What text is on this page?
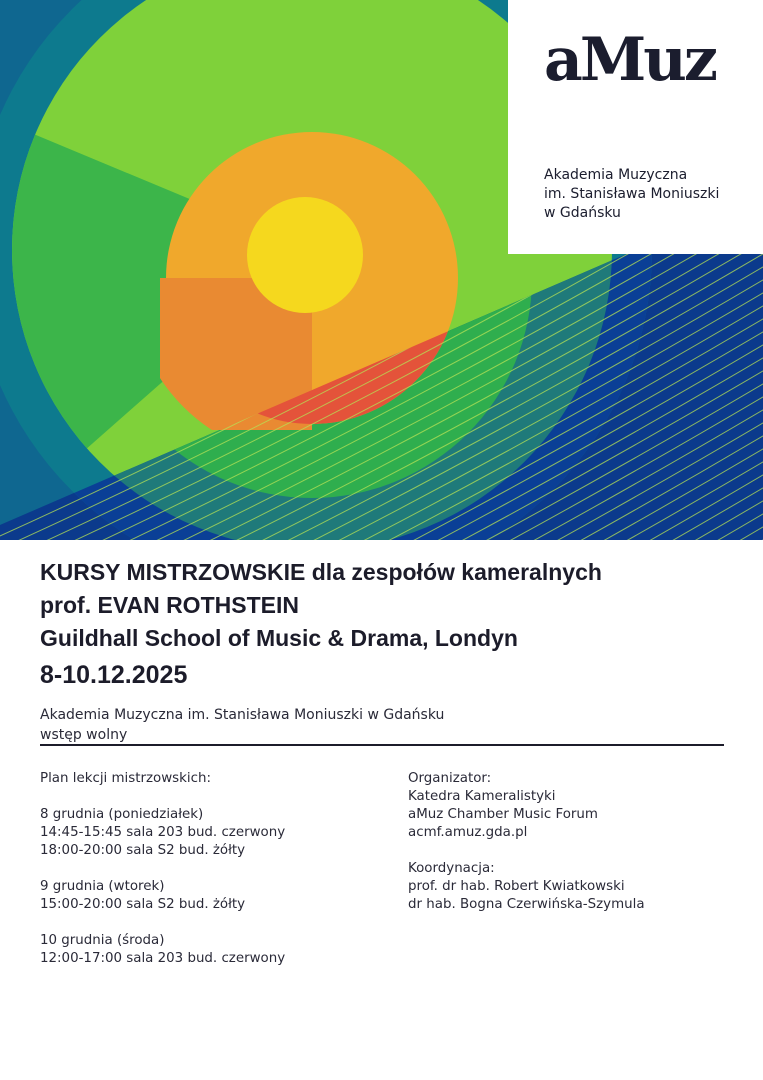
aMuz
Akademia Muzyczna
im. Stanisława Moniuszki
w Gdańsku
KURSY MISTRZOWSKIE dla zespołów kameralnych
prof. EVAN ROTHSTEIN
Guildhall School of Music & Drama, Londyn
8-10.12.2025
Akademia Muzyczna im. Stanisława Moniuszki w Gdańsku
wstęp wolny
Plan lekcji mistrzowskich:
8 grudnia (poniedziałek)
14:45-15:45 sala 203 bud. czerwony
18:00-20:00 sala S2 bud. żółty
9 grudnia (wtorek)
15:00-20:00 sala S2 bud. żółty
10 grudnia (środa)
12:00-17:00 sala 203 bud. czerwony
Organizator:
Katedra Kameralistyki
aMuz Chamber Music Forum
acmf.amuz.gda.pl
Koordynacja:
prof. dr hab. Robert Kwiatkowski
dr hab. Bogna Czerwińska-Szymula
